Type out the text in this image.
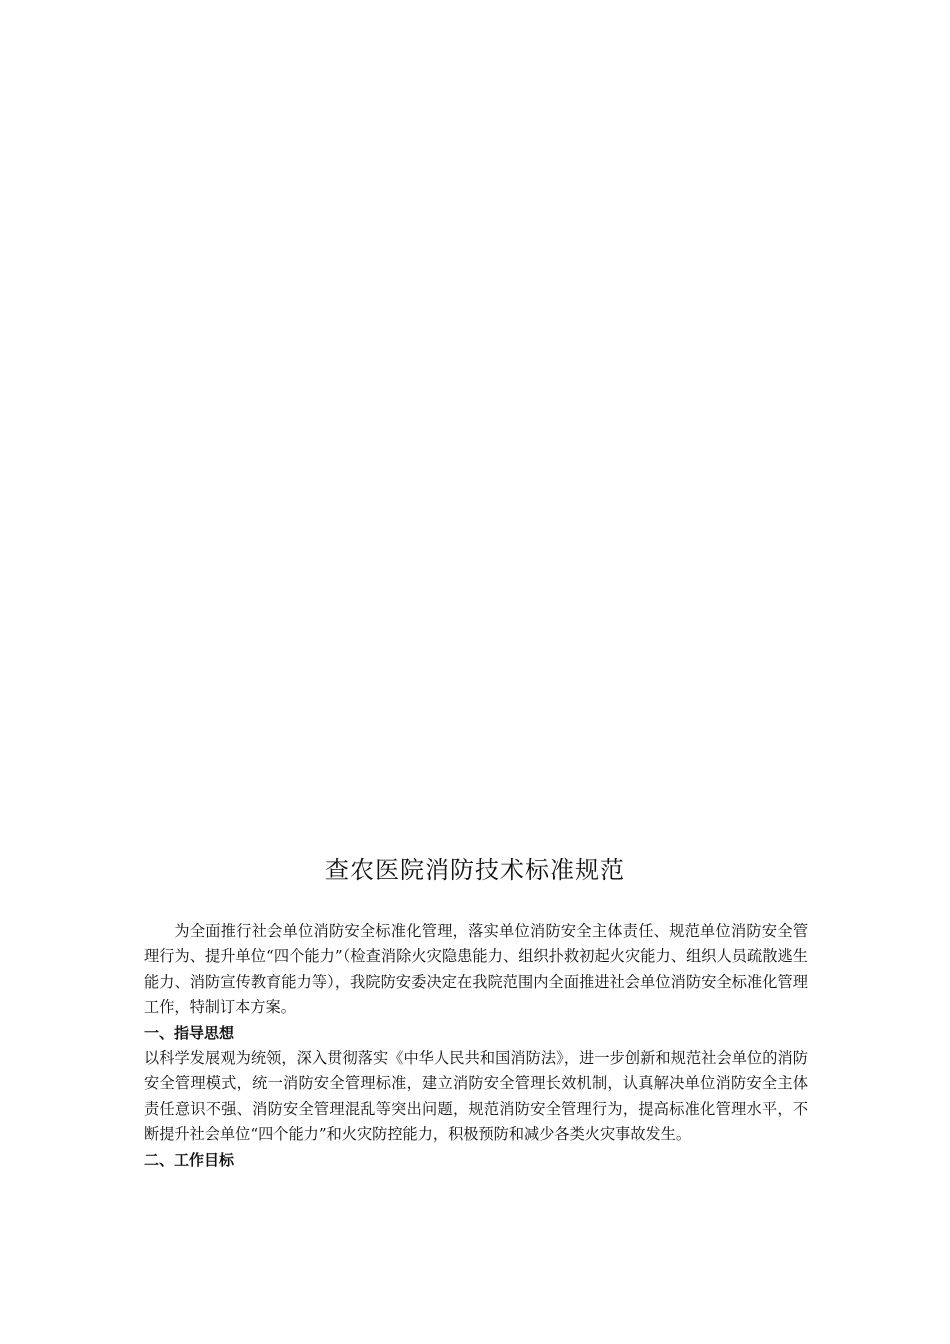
查农医院消防技术标准规范

为全面推行社会单位消防安全标准化管理，落实单位消防安全主体责任、规范单位消防安全管理行为、提升单位“四个能力”（检查消除火灾隐患能力、组织扑救初起火灾能力、组织人员疏散逃生能力、消防宣传教育能力等），我院防安委决定在我院范围内全面推进社会单位消防安全标准化管理工作，特制订本方案。

一、指导思想

以科学发展观为统领，深入贯彻落实《中华人民共和国消防法》，进一步创新和规范社会单位的消防安全管理模式，统一消防安全管理标准，建立消防安全管理长效机制，认真解决单位消防安全主体责任意识不强、消防安全管理混乱等突出问题，规范消防安全管理行为，提高标准化管理水平，不断提升社会单位“四个能力”和火灾防控能力，积极预防和减少各类火灾事故发生。

二、工作目标
